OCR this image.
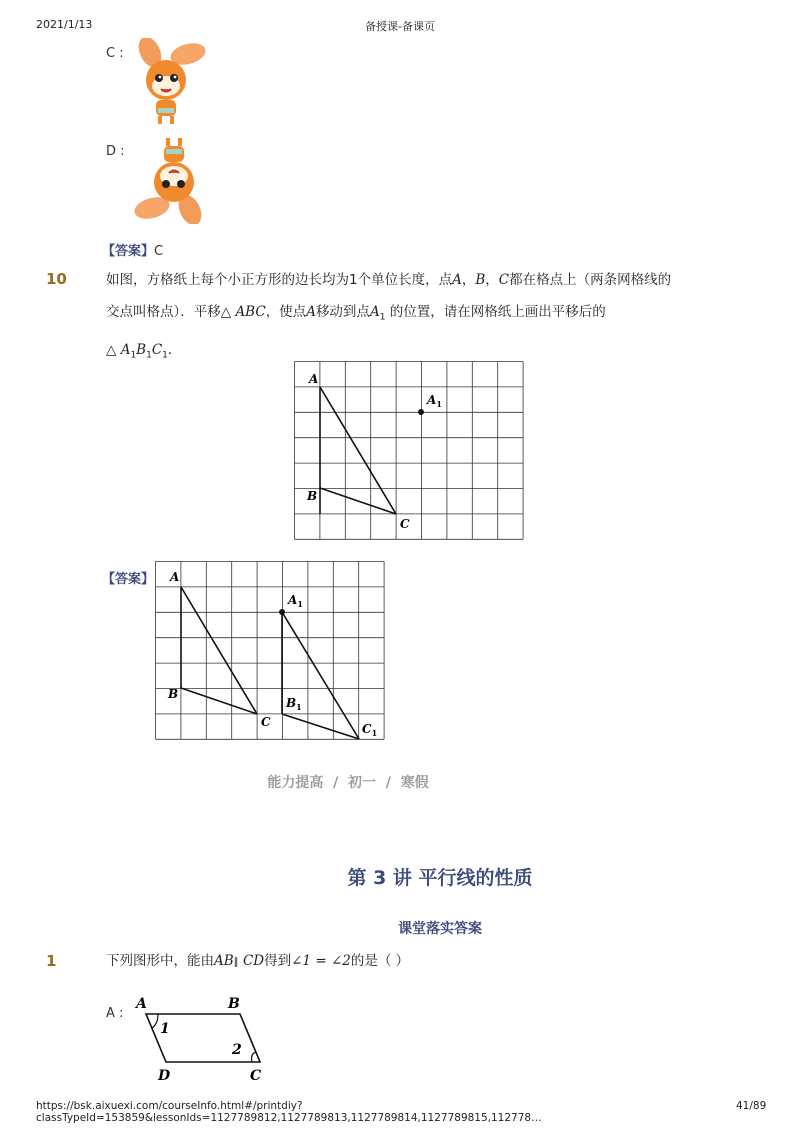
2021/1/13	备授课-备课页
C :
D :
【答案】C
10	如图，方格纸上每个小正方形的边长均为1个单位长度，点A，B，C都在格点上（两条网格线的
交点叫格点）．平移△ ABC，使点A移动到点$A_1$ 的位置，请在网格纸上画出平移后的
△ $A_1B_1C_1$．
A
B
C
$A_1$
【答案】 A
B
C
$A_1$
$B_1$
$C_1$
能力提高 / 初一 / 寒假
第 3 讲 平行线的性质
课堂落实答案
1	下列图形中，能由AB∥ CD得到∠1 = ∠2的是（ ）
A :
A	B
C
D
1
2
https://bsk.aixuexi.com/courseInfo.html#/printdiy?classTypeId=153859&lessonIds=1127789812,1127789813,1127789814,1127789815,112778…
41/89
